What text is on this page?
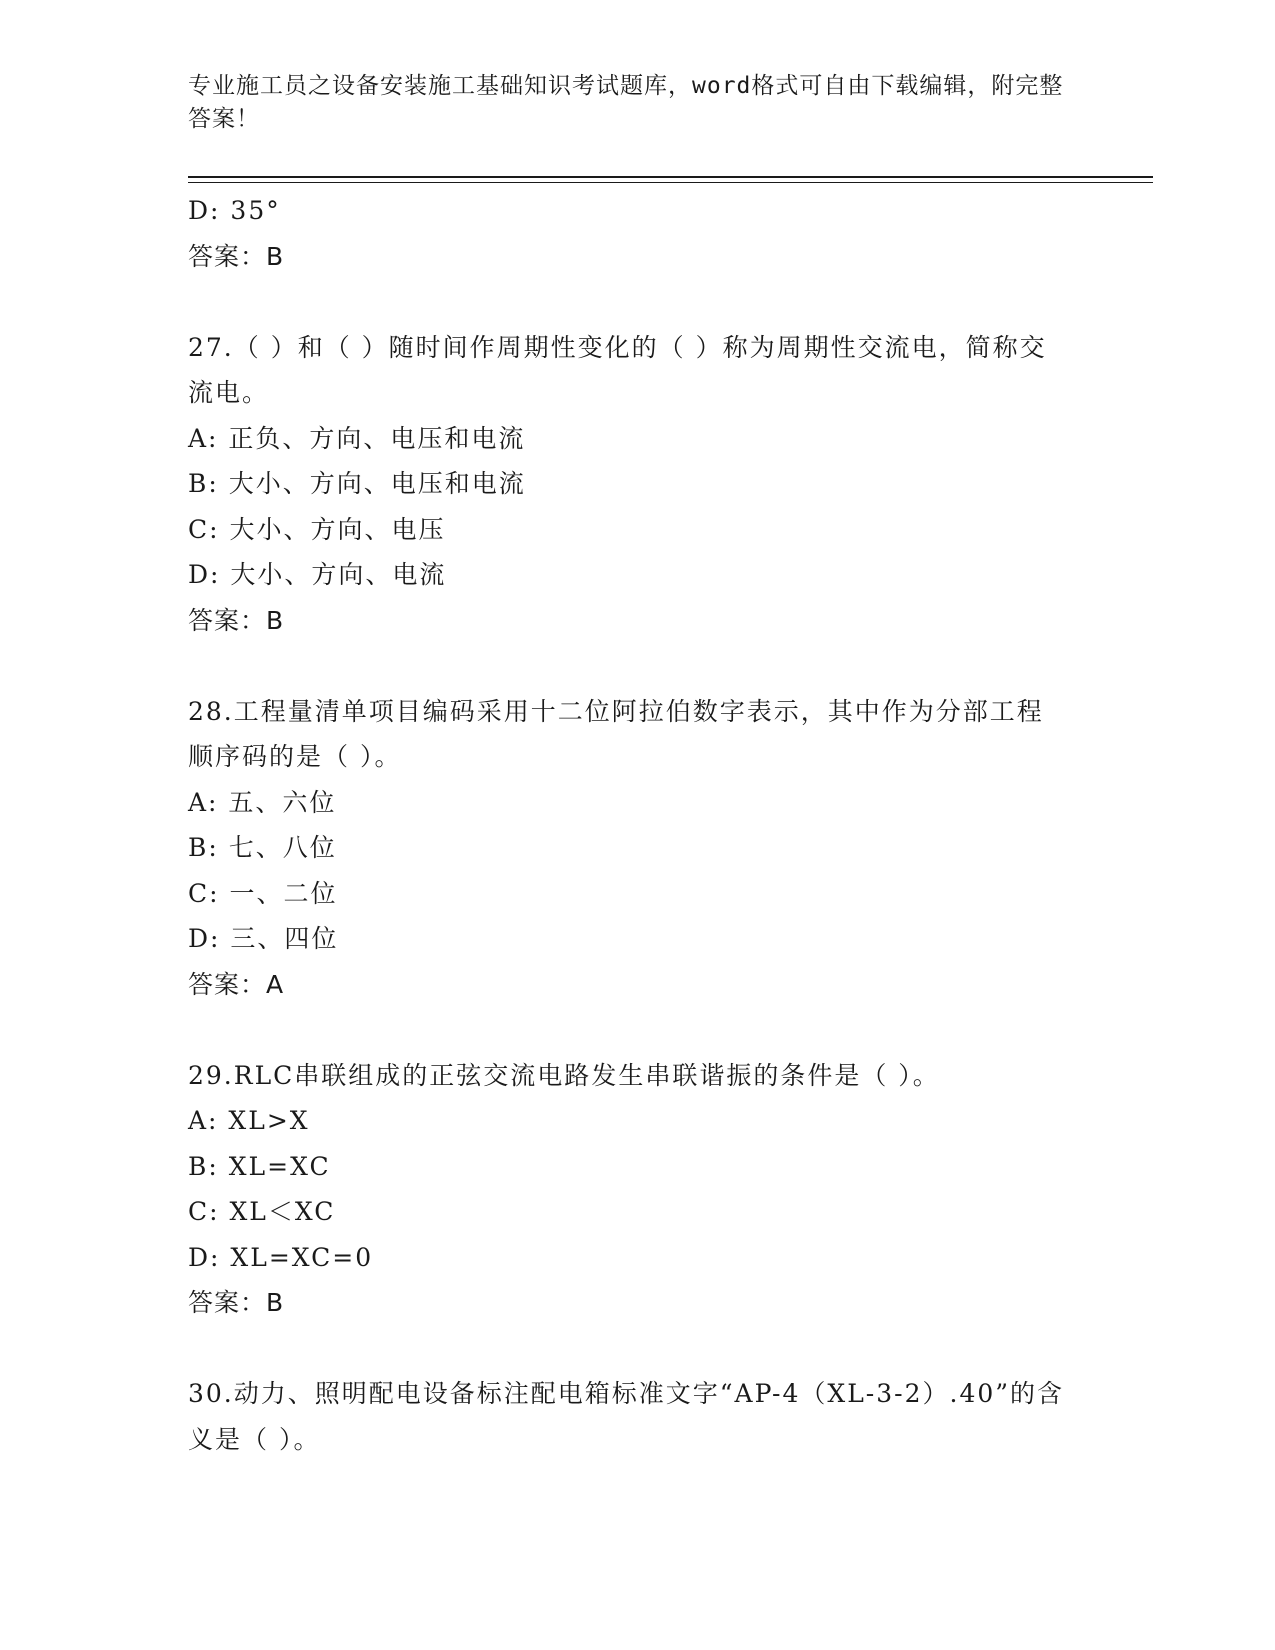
专业施工员之设备安装施工基础知识考试题库，word格式可自由下载编辑，附完整答案！
D: 35°
答案：B
27.（ ）和（ ）随时间作周期性变化的（ ）称为周期性交流电，简称交流电。
A: 正负、方向、电压和电流
B: 大小、方向、电压和电流
C: 大小、方向、电压
D: 大小、方向、电流
答案：B
28.工程量清单项目编码采用十二位阿拉伯数字表示，其中作为分部工程顺序码的是（ ）。
A: 五、六位
B: 七、八位
C: 一、二位
D: 三、四位
答案：A
29.RLC串联组成的正弦交流电路发生串联谐振的条件是（ ）。
A: XL>X
B: XL=XC
C: XL＜XC
D: XL=XC=0
答案：B
30.动力、照明配电设备标注配电箱标准文字“AP-4（XL-3-2）.40”的含义是（ ）。
